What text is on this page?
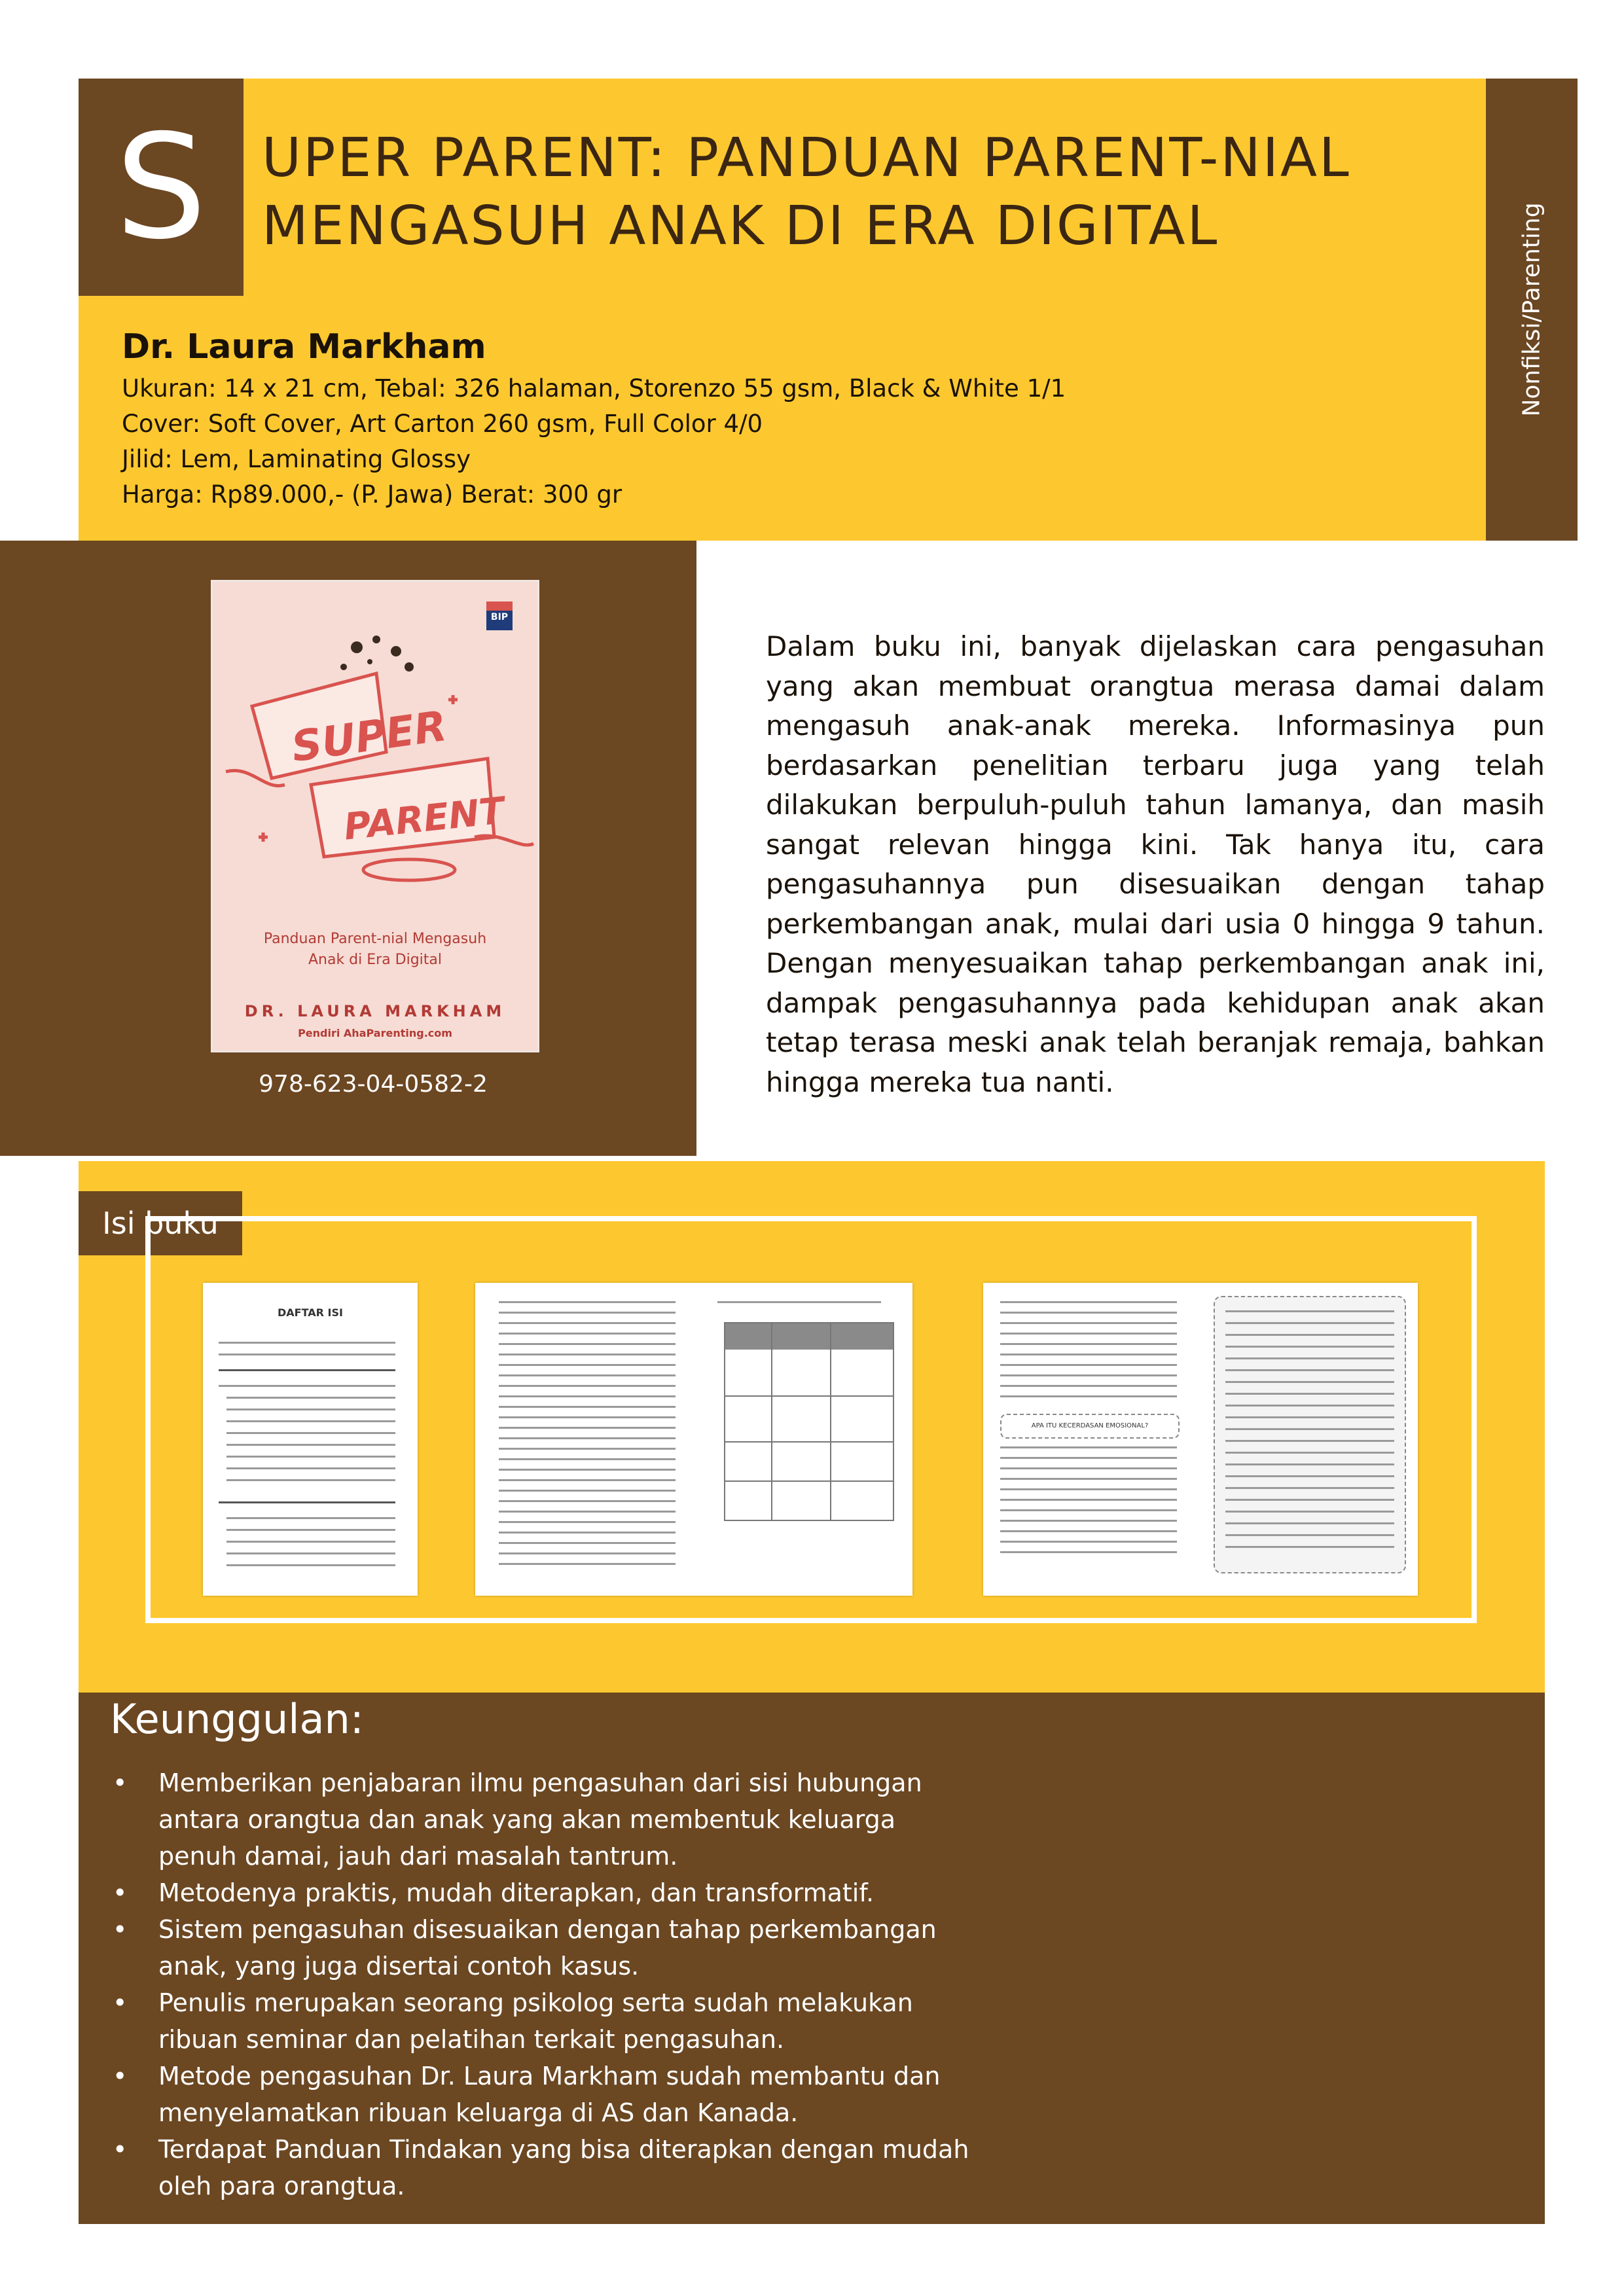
S	UPER PARENT: PANDUAN PARENT-NIAL
MENGASUH ANAK DI ERA DIGITAL	Nonfiksi/Parenting
Dr. Laura Markham
Ukuran: 14 x 21 cm, Tebal: 326 halaman, Storenzo 55 gsm, Black & White 1/1
Cover: Soft Cover, Art Carton 260 gsm, Full Color 4/0
Jilid: Lem, Laminating Glossy
Harga: Rp89.000,- (P. Jawa) Berat: 300 gr
BIP
SUPER
PARENT
Panduan Parent-nial Mengasuh
Anak di Era Digital
DR. LAURA MARKHAM
Pendiri AhaParenting.com
978-623-04-0582-2
Dalam buku ini, banyak dijelaskan cara pengasuhan yang akan membuat orangtua merasa damai dalam mengasuh anak-anak mereka. Informasinya pun berdasarkan penelitian terbaru juga yang telah dilakukan berpuluh-puluh tahun lamanya, dan masih sangat relevan hingga kini. Tak hanya itu, cara pengasuhannya pun disesuaikan dengan tahap perkembangan anak, mulai dari usia 0 hingga 9 tahun. Dengan menyesuaikan tahap perkembangan anak ini, dampak pengasuhannya pada kehidupan anak akan tetap terasa meski anak telah beranjak remaja, bahkan hingga mereka tua nanti.
Isi buku
DAFTAR ISI
APA ITU KECERDASAN EMOSIONAL?
Keunggulan:
• Memberikan penjabaran ilmu pengasuhan dari sisi hubungan antara orangtua dan anak yang akan membentuk keluarga penuh damai, jauh dari masalah tantrum.
• Metodenya praktis, mudah diterapkan, dan transformatif.
• Sistem pengasuhan disesuaikan dengan tahap perkembangan anak, yang juga disertai contoh kasus.
• Penulis merupakan seorang psikolog serta sudah melakukan ribuan seminar dan pelatihan terkait pengasuhan.
• Metode pengasuhan Dr. Laura Markham sudah membantu dan menyelamatkan ribuan keluarga di AS dan Kanada.
• Terdapat Panduan Tindakan yang bisa diterapkan dengan mudah oleh para orangtua.
